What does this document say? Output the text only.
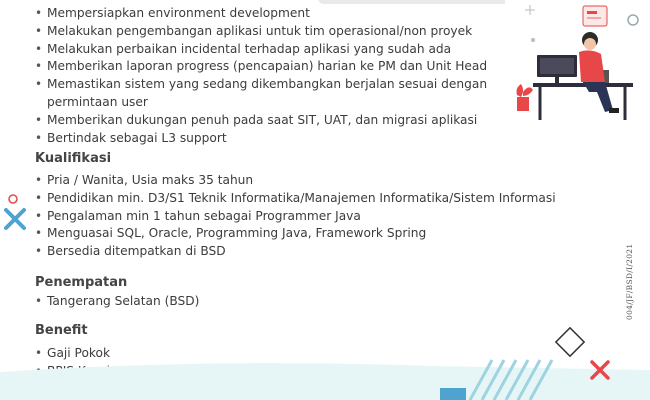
• Mempersiapkan environment development
• Melakukan pengembangan aplikasi untuk tim operasional/non proyek
• Melakukan perbaikan incidental terhadap aplikasi yang sudah ada
• Memberikan laporan progress (pencapaian) harian ke PM dan Unit Head
• Memastikan sistem yang sedang dikembangkan berjalan sesuai dengan permintaan user
• Memberikan dukungan penuh pada saat SIT, UAT, dan migrasi aplikasi
• Bertindak sebagai L3 support
Kualifikasi
• Pria / Wanita, Usia maks 35 tahun
• Pendidikan min. D3/S1 Teknik Informatika/Manajemen Informatika/Sistem Informasi
• Pengalaman min 1 tahun sebagai Programmer Java
• Menguasai SQL, Oracle, Programming Java, Framework Spring
• Bersedia ditempatkan di BSD
Penempatan
• Tangerang Selatan (BSD)
Benefit
• Gaji Pokok
004/JF/BSD/I/2021
